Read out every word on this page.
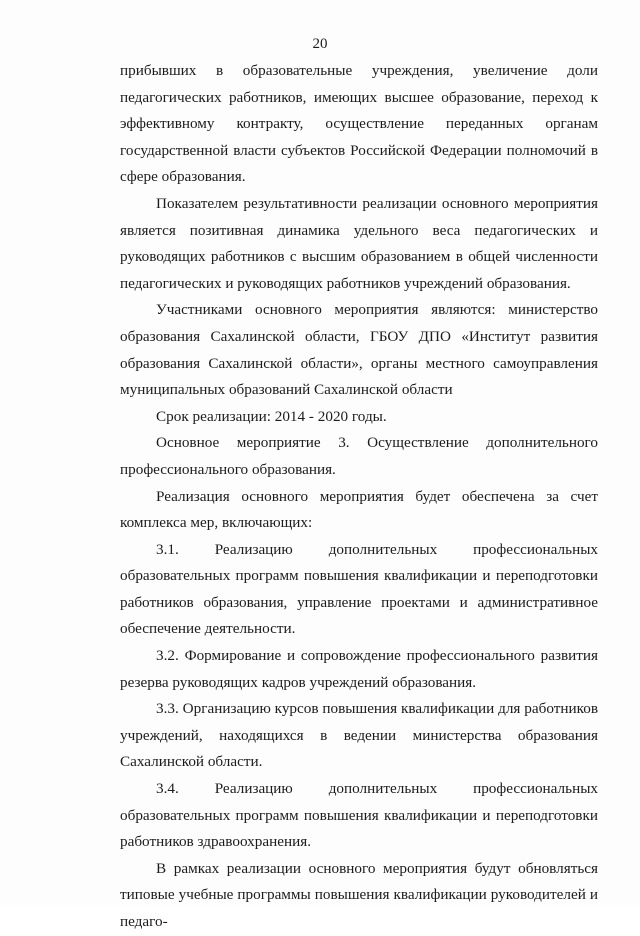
20

прибывших в образовательные учреждения, увеличение доли педагогических работников, имеющих высшее образование, переход к эффективному контракту, осуществление переданных органам государственной власти субъектов Российской Федерации полномочий в сфере образования.

Показателем результативности реализации основного мероприятия является позитивная динамика удельного веса педагогических и руководящих работников с высшим образованием в общей численности педагогических и руководящих работников учреждений образования.

Участниками основного мероприятия являются: министерство образования Сахалинской области, ГБОУ ДПО «Институт развития образования Сахалинской области», органы местного самоуправления муниципальных образований Сахалинской области

Срок реализации: 2014 - 2020 годы.

Основное мероприятие 3. Осуществление дополнительного профессионального образования.

Реализация основного мероприятия будет обеспечена за счет комплекса мер, включающих:

3.1. Реализацию дополнительных профессиональных образовательных программ повышения квалификации и переподготовки работников образования, управление проектами и административное обеспечение деятельности.

3.2. Формирование и сопровождение профессионального развития резерва руководящих кадров учреждений образования.

3.3. Организацию курсов повышения квалификации для работников учреждений, находящихся в ведении министерства образования Сахалинской области.

3.4. Реализацию дополнительных профессиональных образовательных программ повышения квалификации и переподготовки работников здравоохранения.

В рамках реализации основного мероприятия будут обновляться типовые учебные программы повышения квалификации руководителей и педаго-
